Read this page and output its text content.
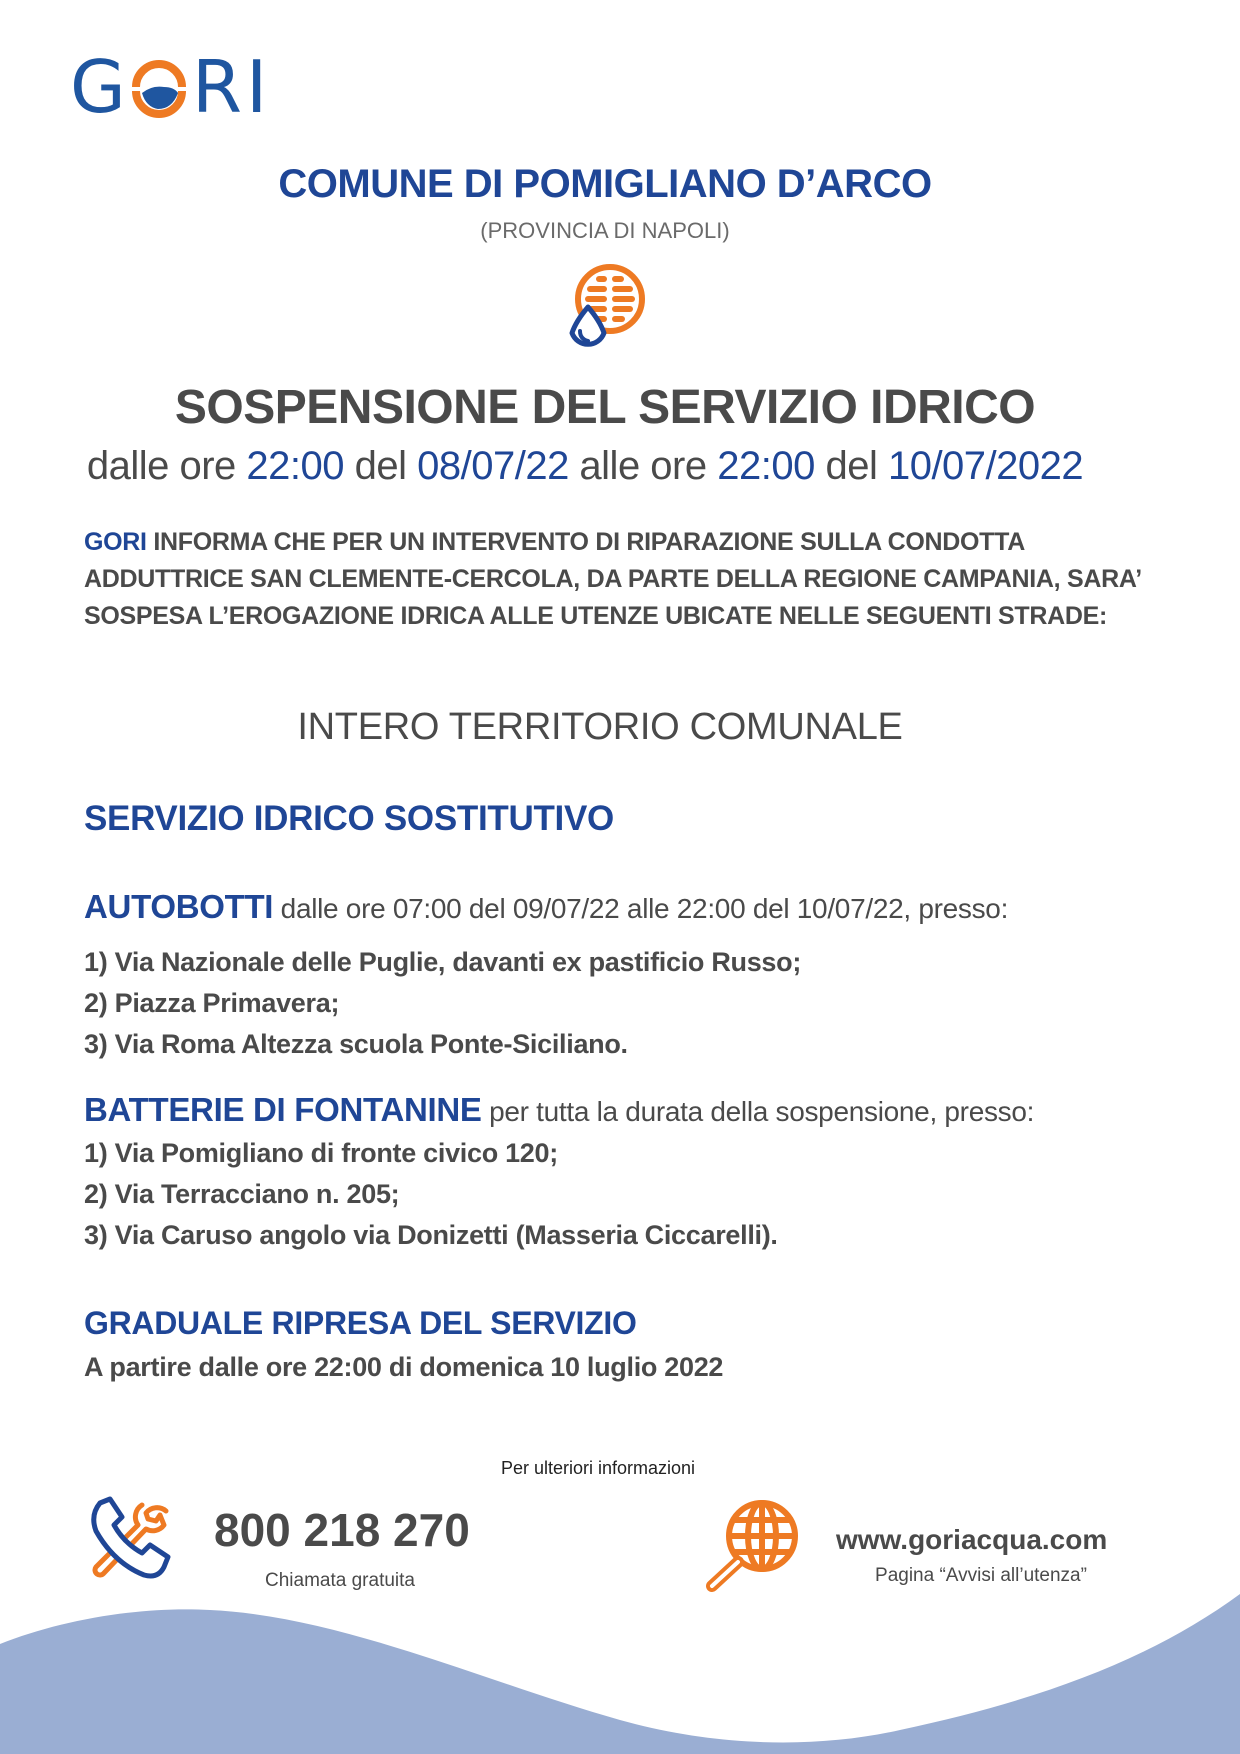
G R I
COMUNE DI POMIGLIANO D’ARCO
(PROVINCIA DI NAPOLI)
SOSPENSIONE DEL SERVIZIO IDRICO
dalle ore 22:00 del 08/07/22 alle ore 22:00 del 10/07/2022
GORI INFORMA CHE PER UN INTERVENTO DI RIPARAZIONE SULLA CONDOTTA ADDUTTRICE SAN CLEMENTE-CERCOLA, DA PARTE DELLA REGIONE CAMPANIA, SARA’ SOSPESA L’EROGAZIONE IDRICA ALLE UTENZE UBICATE NELLE SEGUENTI STRADE:
INTERO TERRITORIO COMUNALE
SERVIZIO IDRICO SOSTITUTIVO
AUTOBOTTI dalle ore 07:00 del 09/07/22 alle 22:00 del 10/07/22, presso:
1) Via Nazionale delle Puglie, davanti ex pastificio Russo;
2) Piazza Primavera;
3) Via Roma Altezza scuola Ponte-Siciliano.
BATTERIE DI FONTANINE per tutta la durata della sospensione, presso:
1) Via Pomigliano di fronte civico 120;
2) Via Terracciano n. 205;
3) Via Caruso angolo via Donizetti (Masseria Ciccarelli).
GRADUALE RIPRESA DEL SERVIZIO
A partire dalle ore 22:00 di domenica 10 luglio 2022
Per ulteriori informazioni
800 218 270
Chiamata gratuita
www.goriacqua.com
Pagina “Avvisi all’utenza”
